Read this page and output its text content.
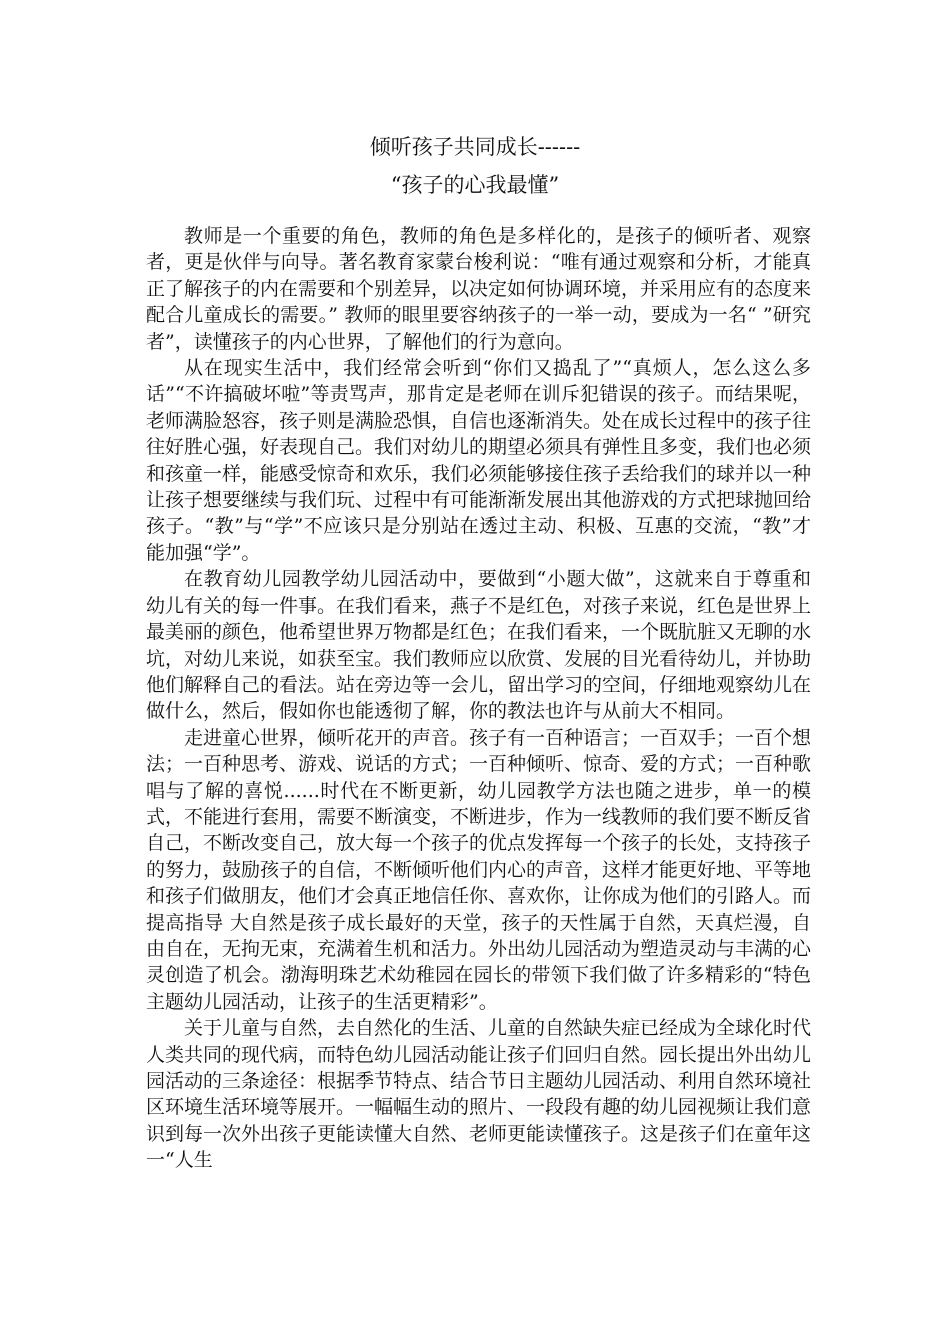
倾听孩子共同成长------
“孩子的心我最懂”

教师是一个重要的角色，教师的角色是多样化的，是孩子的倾听者、观察者，更是伙伴与向导。著名教育家蒙台梭利说：“唯有通过观察和分析，才能真正了解孩子的内在需要和个别差异，以决定如何协调环境，并采用应有的态度来配合儿童成长的需要。” 教师的眼里要容纳孩子的一举一动，要成为一名“ ”研究者”，读懂孩子的内心世界，了解他们的行为意向。

从在现实生活中，我们经常会听到“你们又捣乱了”“真烦人，怎么这么多话”“不许搞破坏啦”等责骂声，那肯定是老师在训斥犯错误的孩子。而结果呢，老师满脸怒容，孩子则是满脸恐惧，自信也逐渐消失。处在成长过程中的孩子往往好胜心强，好表现自己。我们对幼儿的期望必须具有弹性且多变，我们也必须和孩童一样，能感受惊奇和欢乐，我们必须能够接住孩子丢给我们的球并以一种让孩子想要继续与我们玩、过程中有可能渐渐发展出其他游戏的方式把球抛回给孩子。“教”与“学”不应该只是分别站在透过主动、积极、互惠的交流，“教”才能加强“学”。

在教育幼儿园教学幼儿园活动中，要做到“小题大做”，这就来自于尊重和幼儿有关的每一件事。在我们看来，燕子不是红色，对孩子来说，红色是世界上最美丽的颜色，他希望世界万物都是红色；在我们看来，一个既肮脏又无聊的水坑，对幼儿来说，如获至宝。我们教师应以欣赏、发展的目光看待幼儿，并协助他们解释自己的看法。站在旁边等一会儿，留出学习的空间，仔细地观察幼儿在做什么，然后，假如你也能透彻了解，你的教法也许与从前大不相同。

走进童心世界，倾听花开的声音。孩子有一百种语言；一百双手；一百个想法；一百种思考、游戏、说话的方式；一百种倾听、惊奇、爱的方式；一百种歌唱与了解的喜悦......时代在不断更新，幼儿园教学方法也随之进步，单一的模式，不能进行套用，需要不断演变，不断进步，作为一线教师的我们要不断反省自己，不断改变自己，放大每一个孩子的优点发挥每一个孩子的长处，支持孩子的努力，鼓励孩子的自信，不断倾听他们内心的声音，这样才能更好地、平等地和孩子们做朋友，他们才会真正地信任你、喜欢你，让你成为他们的引路人。而提高指导 大自然是孩子成长最好的天堂，孩子的天性属于自然，天真烂漫，自由自在，无拘无束，充满着生机和活力。外出幼儿园活动为塑造灵动与丰满的心灵创造了机会。渤海明珠艺术幼稚园在园长的带领下我们做了许多精彩的“特色主题幼儿园活动，让孩子的生活更精彩”。

关于儿童与自然，去自然化的生活、儿童的自然缺失症已经成为全球化时代人类共同的现代病，而特色幼儿园活动能让孩子们回归自然。园长提出外出幼儿园活动的三条途径：根据季节特点、结合节日主题幼儿园活动、利用自然环境社区环境生活环境等展开。一幅幅生动的照片、一段段有趣的幼儿园视频让我们意识到每一次外出孩子更能读懂大自然、老师更能读懂孩子。这是孩子们在童年这一“人生
